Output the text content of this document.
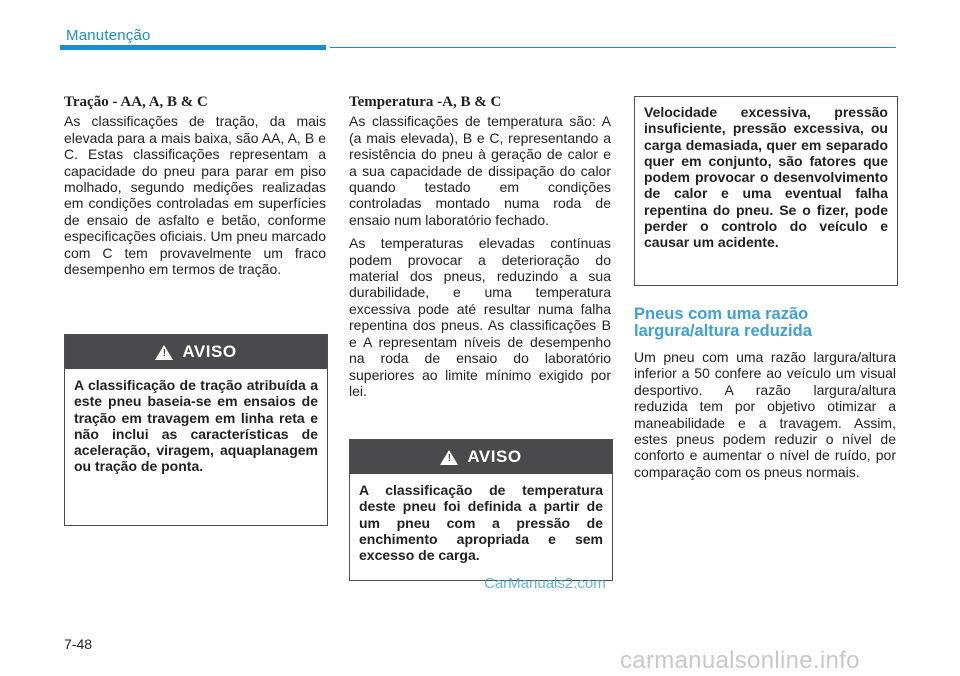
Manutenção
Tração - AA, A, B & C

As classificações de tração, da mais elevada para a mais baixa, são AA, A, B e C. Estas classificações representam a capacidade do pneu para parar em piso molhado, segundo medições realizadas em condições controladas em superfícies de ensaio de asfalto e betão, conforme especificações oficiais. Um pneu marcado com C tem provavelmente um fraco desempenho em termos de tração.

! AVISO
A classificação de tração atribuída a este pneu baseia-se em ensaios de tração em travagem em linha reta e não inclui as características de aceleração, viragem, aquaplanagem ou tração de ponta.
Temperatura -A, B & C

As classificações de temperatura são: A (a mais elevada), B e C, representando a resistência do pneu à geração de calor e a sua capacidade de dissipação do calor quando testado em condições controladas montado numa roda de ensaio num laboratório fechado.

As temperaturas elevadas contínuas podem provocar a deterioração do material dos pneus, reduzindo a sua durabilidade, e uma temperatura excessiva pode até resultar numa falha repentina dos pneus. As classificações B e A representam níveis de desempenho na roda de ensaio do laboratório superiores ao limite mínimo exigido por lei.

! AVISO
A classificação de temperatura deste pneu foi definida a partir de um pneu com a pressão de enchimento apropriada e sem excesso de carga.
Velocidade excessiva, pressão insuficiente, pressão excessiva, ou carga demasiada, quer em separado quer em conjunto, são fatores que podem provocar o desenvolvimento de calor e uma eventual falha repentina do pneu. Se o fizer, pode perder o controlo do veículo e causar um acidente.
Pneus com uma razão largura/altura reduzida

Um pneu com uma razão largura/altura inferior a 50 confere ao veículo um visual desportivo. A razão largura/altura reduzida tem por objetivo otimizar a maneabilidade e a travagem. Assim, estes pneus podem reduzir o nível de conforto e aumentar o nível de ruído, por comparação com os pneus normais.

7-48
CarManuals2.com
carmanualsonline.info
